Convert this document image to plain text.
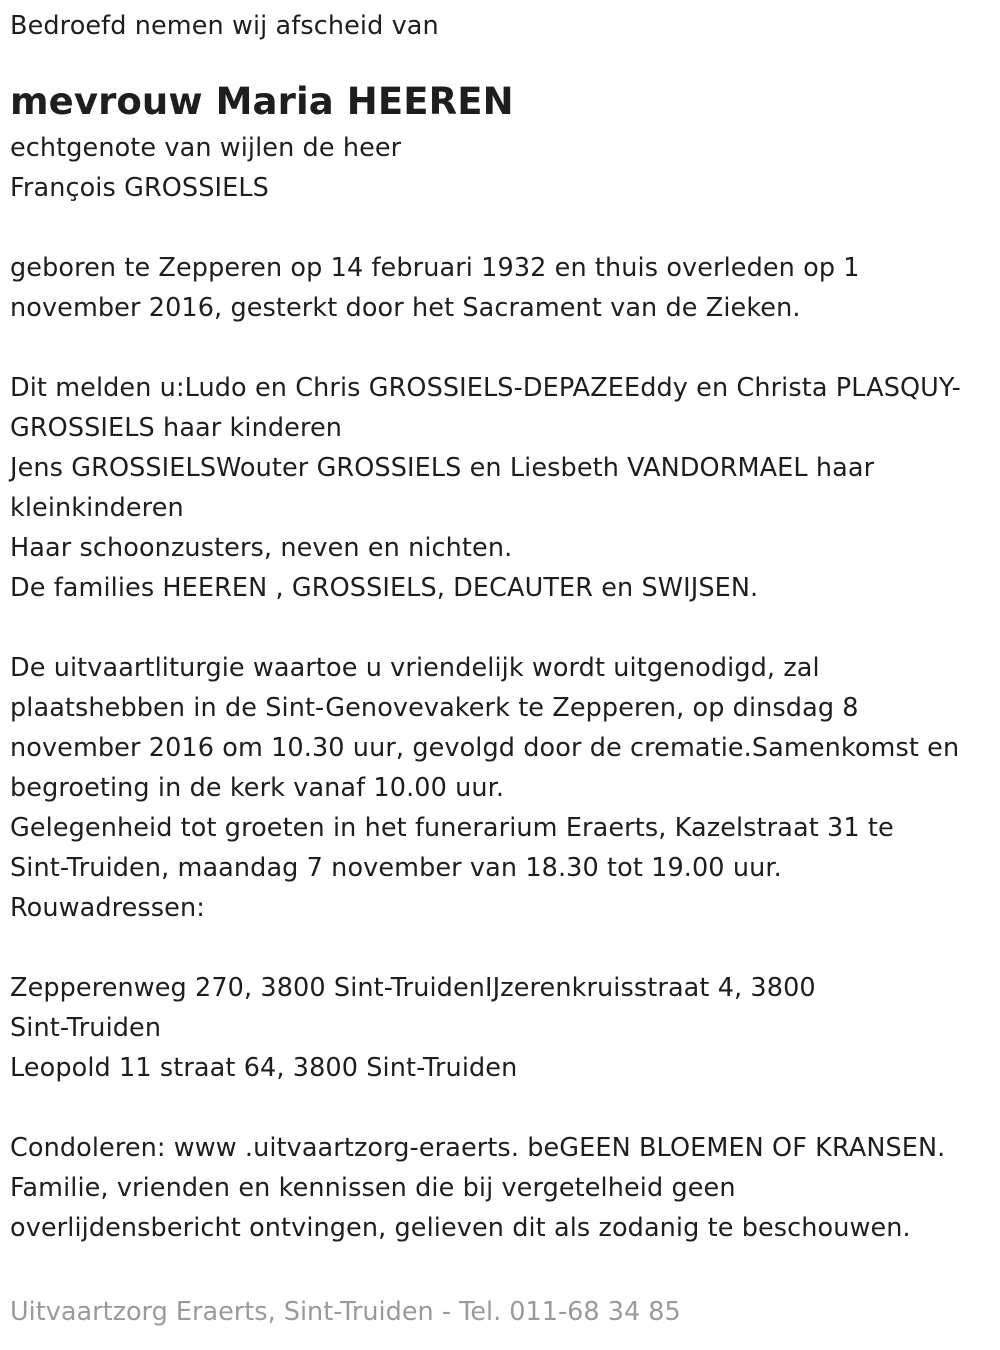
Bedroefd nemen wij afscheid van
mevrouw Maria HEEREN
echtgenote van wijlen de heer
François GROSSIELS
geboren te Zepperen op 14 februari 1932 en thuis overleden op 1
november 2016, gesterkt door het Sacrament van de Zieken.
Dit melden u:Ludo en Chris GROSSIELS-DEPAZEEddy en Christa PLASQUY-
GROSSIELS haar kinderen
Jens GROSSIELSWouter GROSSIELS en Liesbeth VANDORMAEL haar
kleinkinderen
Haar schoonzusters, neven en nichten.
De families HEEREN , GROSSIELS, DECAUTER en SWIJSEN.
De uitvaartliturgie waartoe u vriendelijk wordt uitgenodigd, zal
plaatshebben in de Sint-Genovevakerk te Zepperen, op dinsdag 8
november 2016 om 10.30 uur, gevolgd door de crematie.Samenkomst en
begroeting in de kerk vanaf 10.00 uur.
Gelegenheid tot groeten in het funerarium Eraerts, Kazelstraat 31 te
Sint-Truiden, maandag 7 november van 18.30 tot 19.00 uur.
Rouwadressen:
Zepperenweg 270, 3800 Sint-TruidenIJzerenkruisstraat 4, 3800
Sint-Truiden
Leopold 11 straat 64, 3800 Sint-Truiden
Condoleren: www .uitvaartzorg-eraerts. beGEEN BLOEMEN OF KRANSEN.
Familie, vrienden en kennissen die bij vergetelheid geen
overlijdensbericht ontvingen, gelieven dit als zodanig te beschouwen.
Uitvaartzorg Eraerts, Sint-Truiden - Tel. 011-68 34 85
